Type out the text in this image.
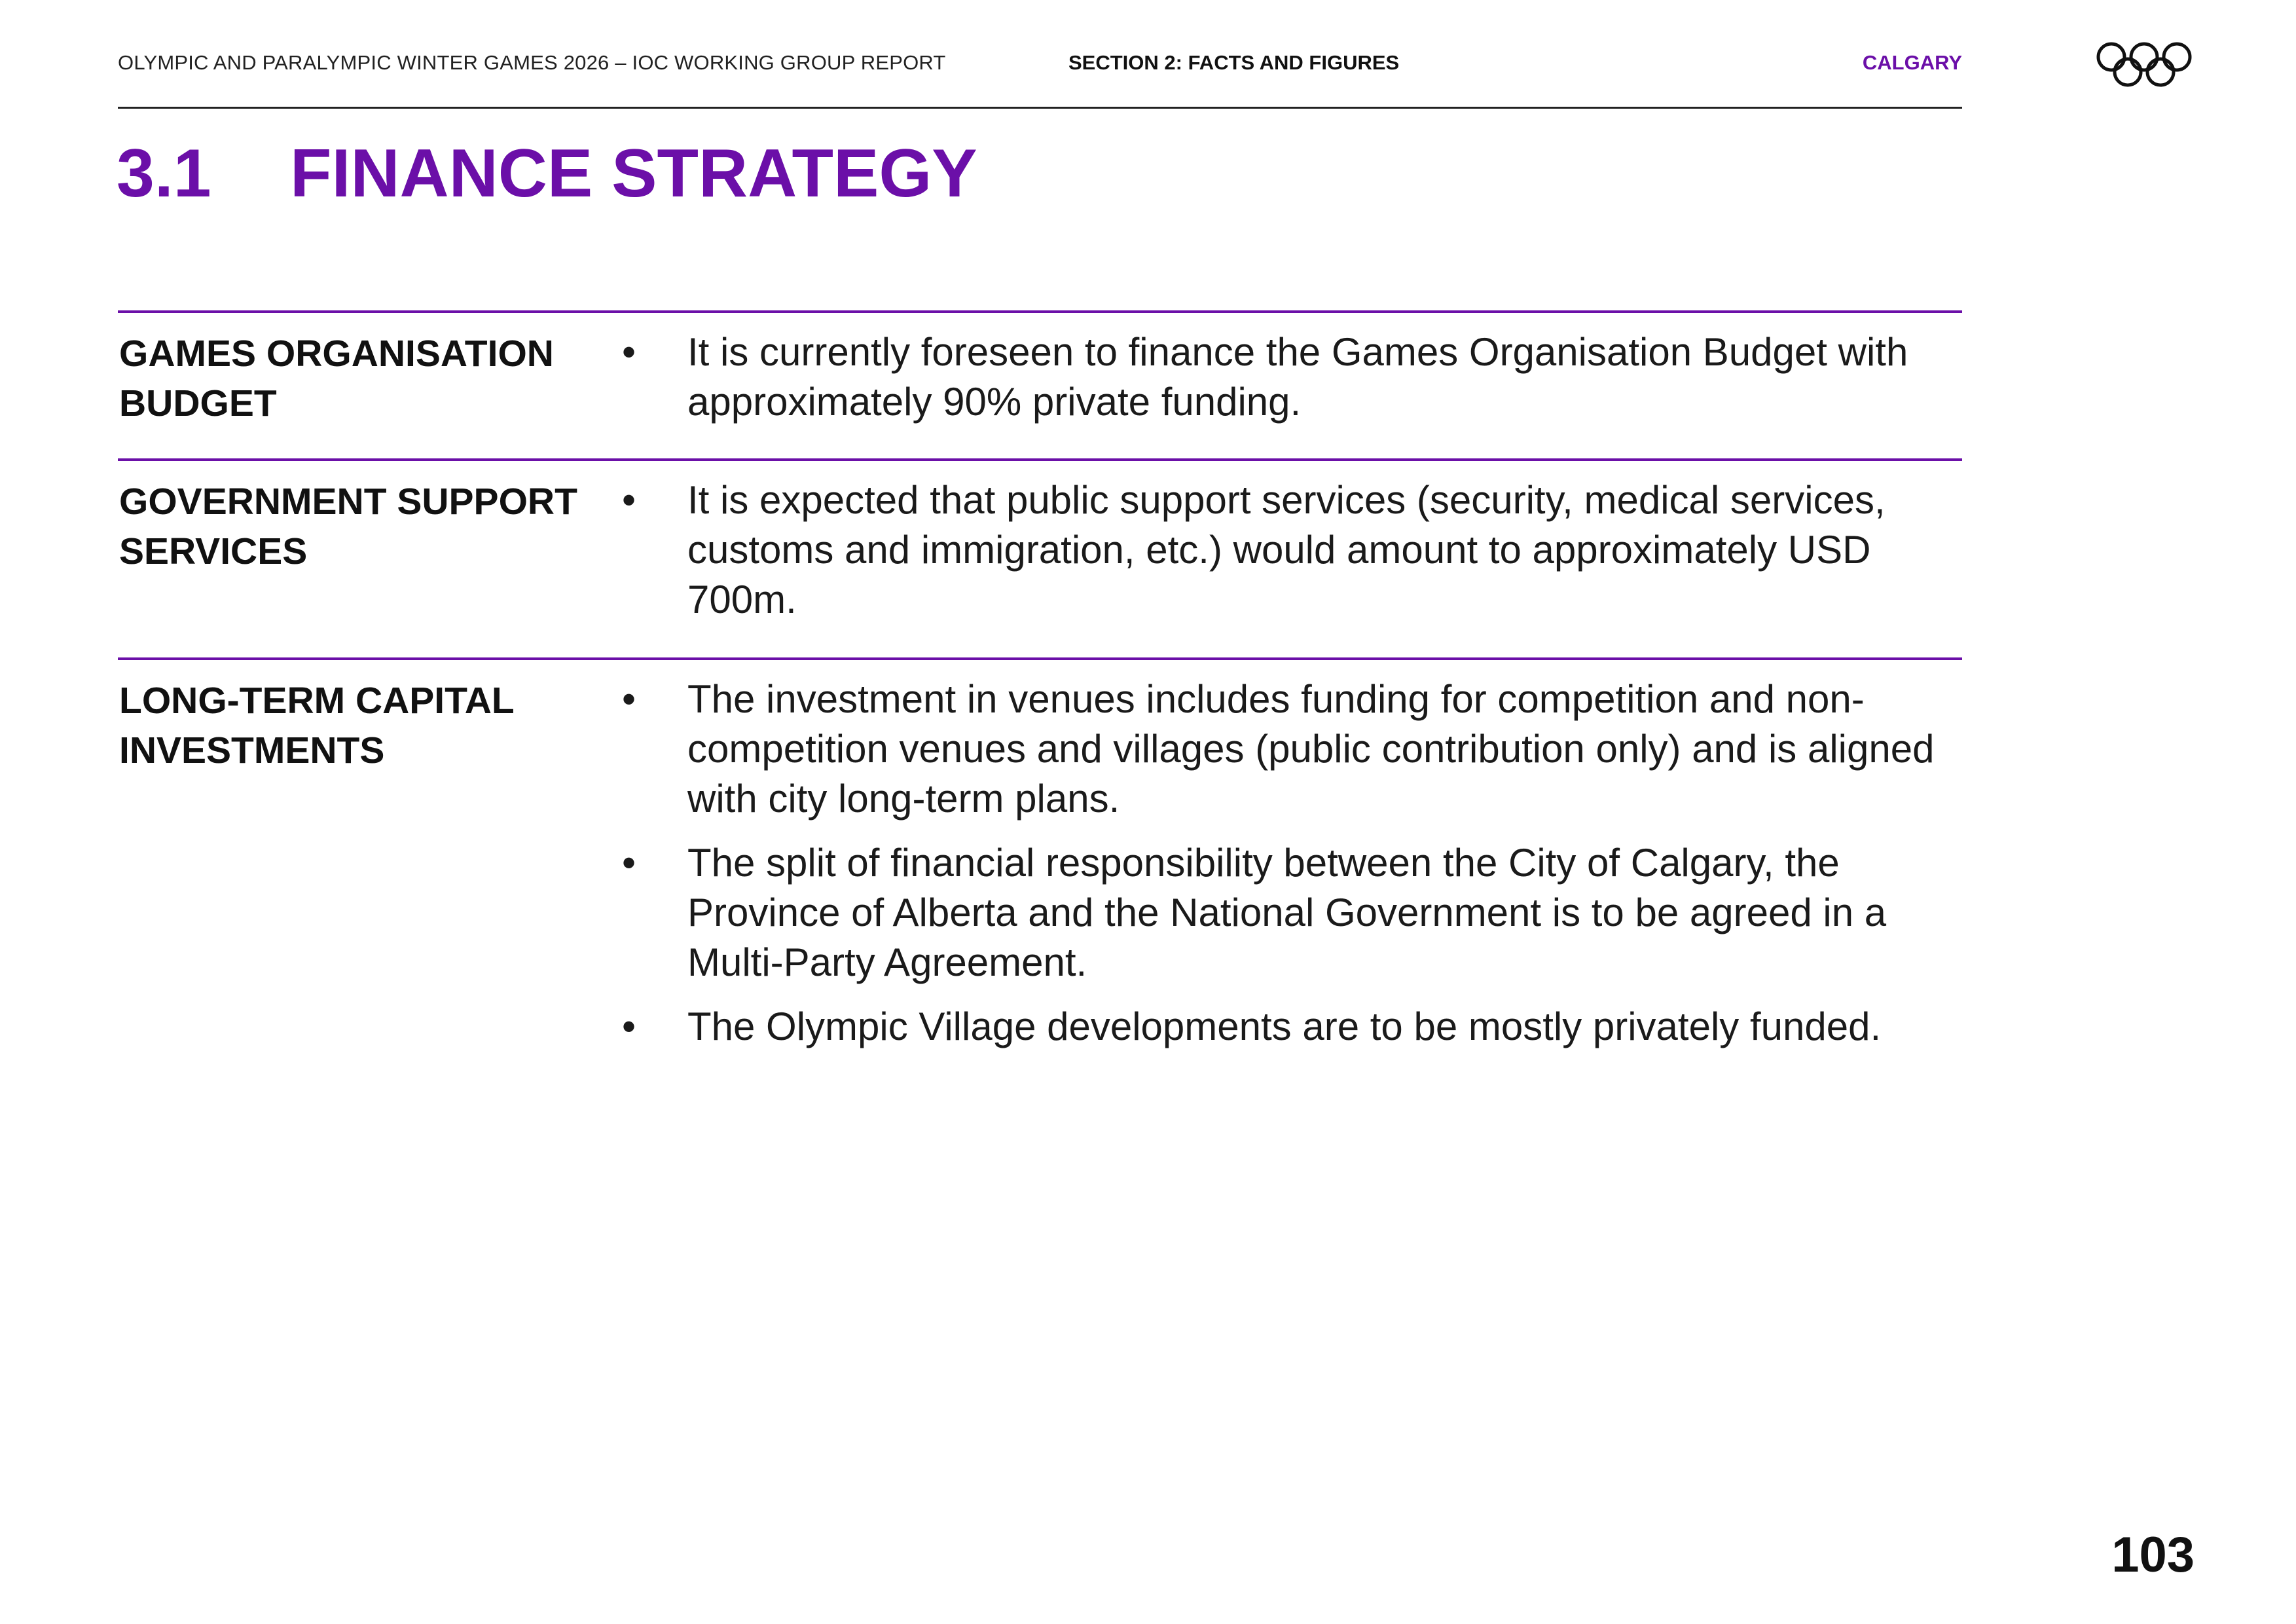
OLYMPIC AND PARALYMPIC WINTER GAMES 2026 – IOC WORKING GROUP REPORT	SECTION 2: FACTS AND FIGURES	CALGARY
3.1 FINANCE STRATEGY
GAMES ORGANISATION BUDGET
•	It is currently foreseen to finance the Games Organisation Budget with approximately 90% private funding.
GOVERNMENT SUPPORT SERVICES
•	It is expected that public support services (security, medical services, customs and immigration, etc.) would amount to approximately USD 700m.
LONG-TERM CAPITAL INVESTMENTS
•	The investment in venues includes funding for competition and non-competition venues and villages (public contribution only) and is aligned with city long-term plans.
•	The split of financial responsibility between the City of Calgary, the Province of Alberta and the National Government is to be agreed in a Multi-Party Agreement.
•	The Olympic Village developments are to be mostly privately funded.
103
